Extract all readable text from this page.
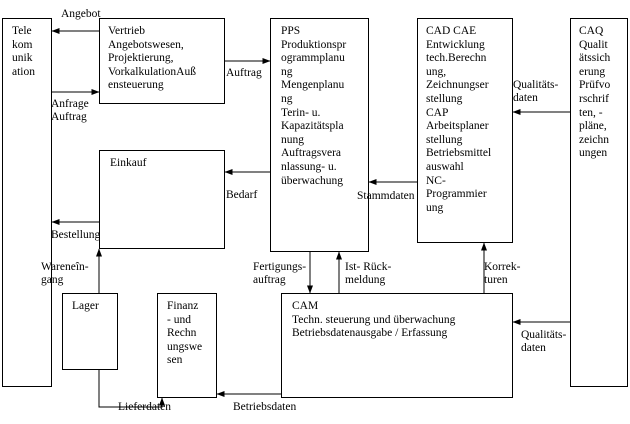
Tele
kom
unik
ation
Vertrieb
Angebotswesen,
Projektierung,
VorkalkulationAuß
ensteuerung
PPS
Produktionspr
ogrammplanu
ng
Mengenplanu
ng
Terin- u.
Kapazitätspla
nung
Auftragsvera
nlassung- u.
überwachung
CAD CAE
Entwicklung
tech.Berechn
ung,
Zeichnungser
stellung
CAP
Arbeitsplaner
stellung
Betriebsmittel
auswahl
NC-
Programmier
ung
CAQ
Qualit
ätssich
erung
Prüfvo
rschrif
ten, -
pläne,
zeichn
ungen
Einkauf
Lager	Finanz
- und
Rechn
ungswe
sen
CAM
Techn. steuerung und überwachung
Betriebsdatenausgabe / Erfassung
Angebot
Anfrage
Auftrag
Auftrag
Qualitäts-
daten
Bedarf	Stammdaten
Bestellung
Wareneîn-
gang
Fertigungs-
auftrag
Ist- Rück-
meldung
Korrek-
turen
Qualitäts-
daten
Lieferdaten	Betriebsdaten
